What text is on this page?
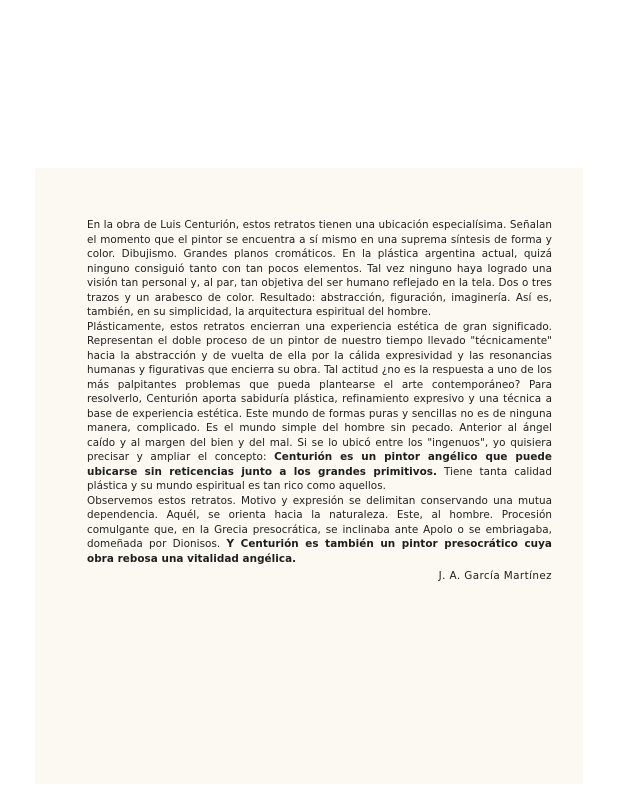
En la obra de Luis Centurión, estos retratos tienen una ubicación especialísima. Señalan el momento que el pintor se encuentra a sí mismo en una suprema síntesis de forma y color. Dibujismo. Grandes planos cromáticos. En la plástica argentina actual, quizá ninguno consiguió tanto con tan pocos elementos. Tal vez ninguno haya logrado una visión tan personal y, al par, tan objetiva del ser humano reflejado en la tela. Dos o tres trazos y un arabesco de color. Resultado: abstracción, figuración, imaginería. Así es, también, en su simplicidad, la arquitectura espiritual del hombre.

Plásticamente, estos retratos encierran una experiencia estética de gran significado. Representan el doble proceso de un pintor de nuestro tiempo llevado "técnicamente" hacia la abstracción y de vuelta de ella por la cálida expresividad y las resonancias humanas y figurativas que encierra su obra. Tal actitud ¿no es la respuesta a uno de los más palpitantes problemas que pueda plantearse el arte contemporáneo? Para resolverlo, Centurión aporta sabiduría plástica, refinamiento expresivo y una técnica a base de experiencia estética. Este mundo de formas puras y sencillas no es de ninguna manera, complicado. Es el mundo simple del hombre sin pecado. Anterior al ángel caído y al margen del bien y del mal. Si se lo ubicó entre los "ingenuos", yo quisiera precisar y ampliar el concepto: Centurión es un pintor angélico que puede ubicarse sin reticencias junto a los grandes primitivos. Tiene tanta calidad plástica y su mundo espiritual es tan rico como aquellos.

Observemos estos retratos. Motivo y expresión se delimitan conservando una mutua dependencia. Aquél, se orienta hacia la naturaleza. Este, al hombre. Procesión comulgante que, en la Grecia presocrática, se inclinaba ante Apolo o se embriagaba, domeñada por Dionisos. Y Centurión es también un pintor presocrático cuya obra rebosa una vitalidad angélica.

J. A. García Martínez
